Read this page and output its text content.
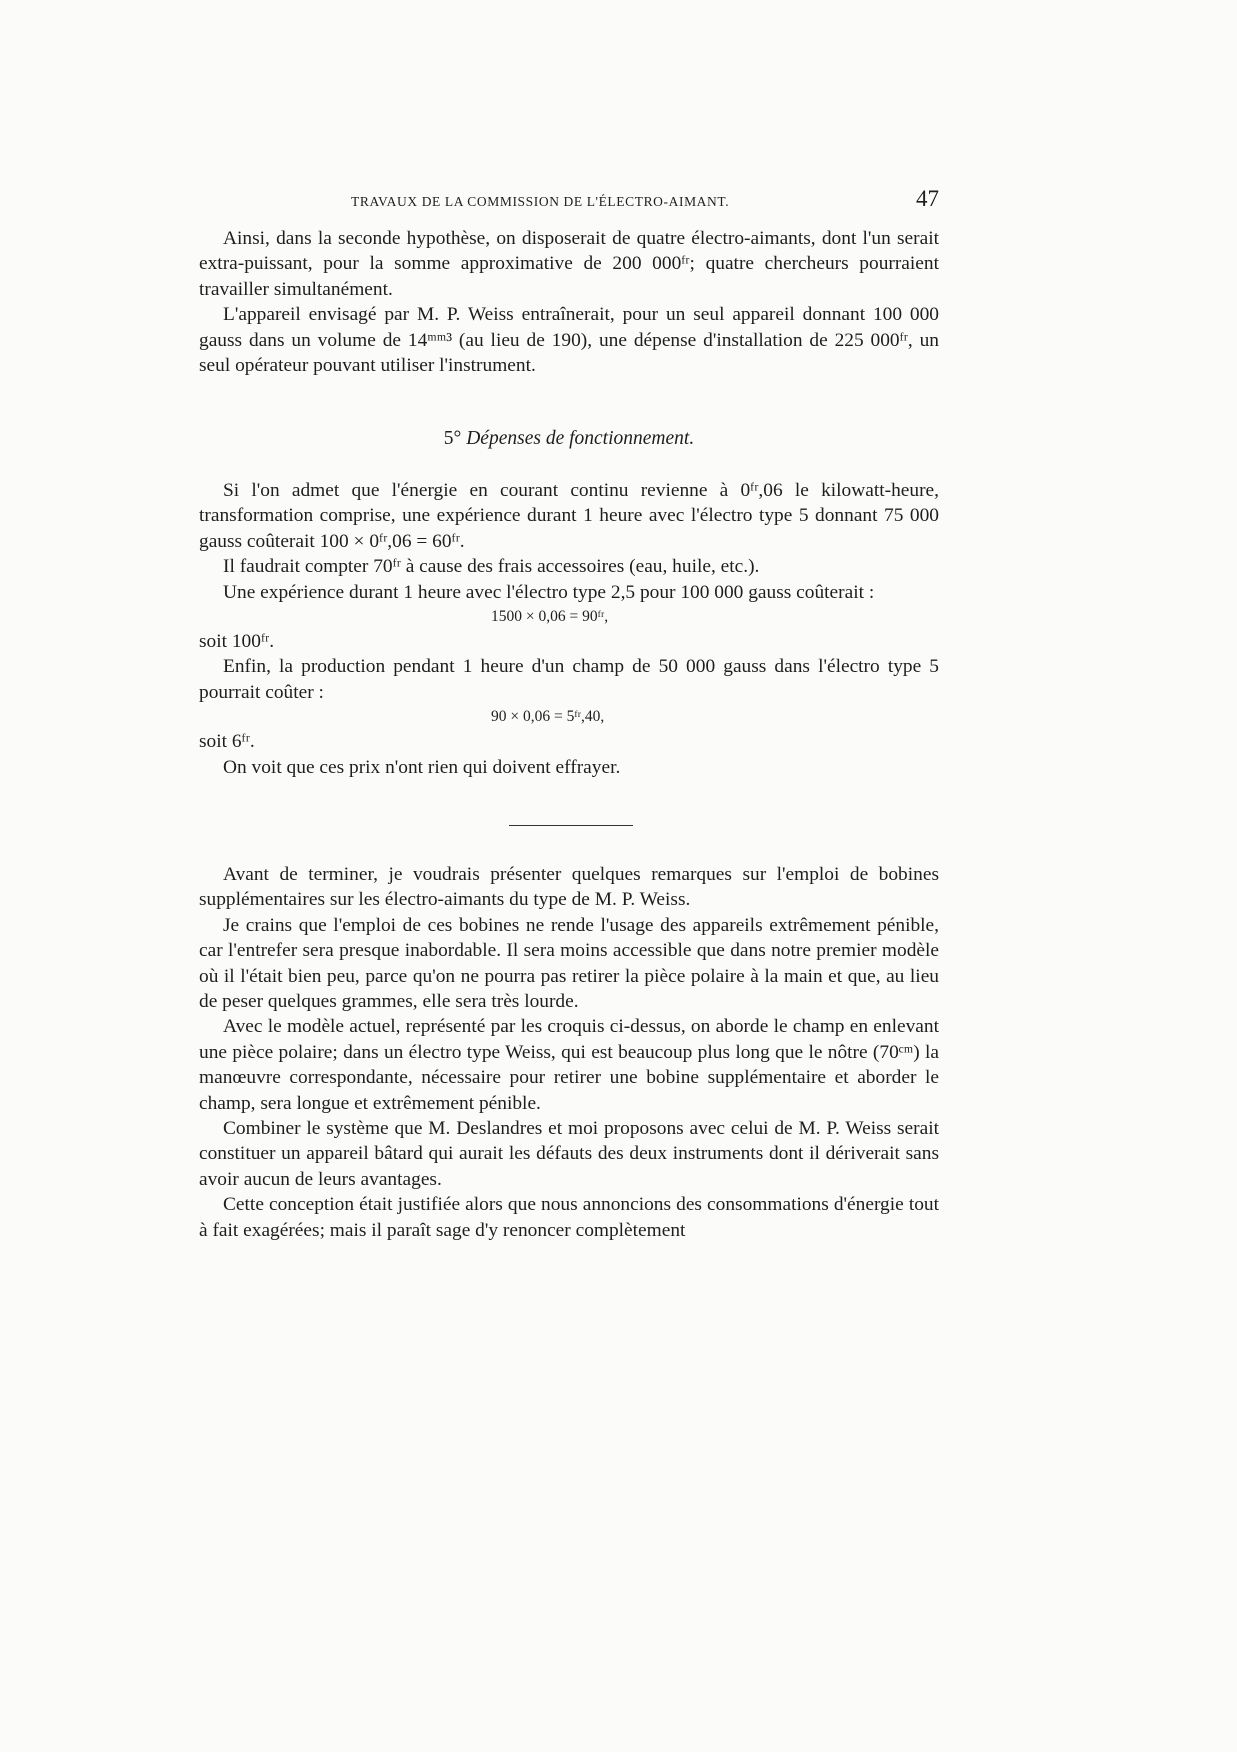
TRAVAUX DE LA COMMISSION DE L'ÉLECTRO-AIMANT.	47

Ainsi, dans la seconde hypothèse, on disposerait de quatre électro-aimants, dont l'un serait extra-puissant, pour la somme approximative de 200 000ᶠʳ; quatre chercheurs pourraient travailler simultanément.

L'appareil envisagé par M. P. Weiss entraînerait, pour un seul appareil donnant 100 000 gauss dans un volume de 14ᵐᵐ³ (au lieu de 190), une dépense d'installation de 225 000ᶠʳ, un seul opérateur pouvant utiliser l'instrument.

5° Dépenses de fonctionnement.

Si l'on admet que l'énergie en courant continu revienne à 0ᶠʳ,06 le kilowatt-heure, transformation comprise, une expérience durant 1 heure avec l'électro type 5 donnant 75 000 gauss coûterait 100 × 0ᶠʳ,06 = 60ᶠʳ.

Il faudrait compter 70ᶠʳ à cause des frais accessoires (eau, huile, etc.).

Une expérience durant 1 heure avec l'électro type 2,5 pour 100 000 gauss coûterait :

1500 × 0,06 = 90ᶠʳ,

soit 100ᶠʳ.

Enfin, la production pendant 1 heure d'un champ de 50 000 gauss dans l'électro type 5 pourrait coûter :

90 × 0,06 = 5ᶠʳ,40,

soit 6ᶠʳ.

On voit que ces prix n'ont rien qui doivent effrayer.

Avant de terminer, je voudrais présenter quelques remarques sur l'emploi de bobines supplémentaires sur les électro-aimants du type de M. P. Weiss.

Je crains que l'emploi de ces bobines ne rende l'usage des appareils extrêmement pénible, car l'entrefer sera presque inabordable. Il sera moins accessible que dans notre premier modèle où il l'était bien peu, parce qu'on ne pourra pas retirer la pièce polaire à la main et que, au lieu de peser quelques grammes, elle sera très lourde.

Avec le modèle actuel, représenté par les croquis ci-dessus, on aborde le champ en enlevant une pièce polaire; dans un électro type Weiss, qui est beaucoup plus long que le nôtre (70ᶜᵐ) la manœuvre correspondante, nécessaire pour retirer une bobine supplémentaire et aborder le champ, sera longue et extrêmement pénible.

Combiner le système que M. Deslandres et moi proposons avec celui de M. P. Weiss serait constituer un appareil bâtard qui aurait les défauts des deux instruments dont il dériverait sans avoir aucun de leurs avantages.

Cette conception était justifiée alors que nous annoncions des consommations d'énergie tout à fait exagérées; mais il paraît sage d'y renoncer complètement
